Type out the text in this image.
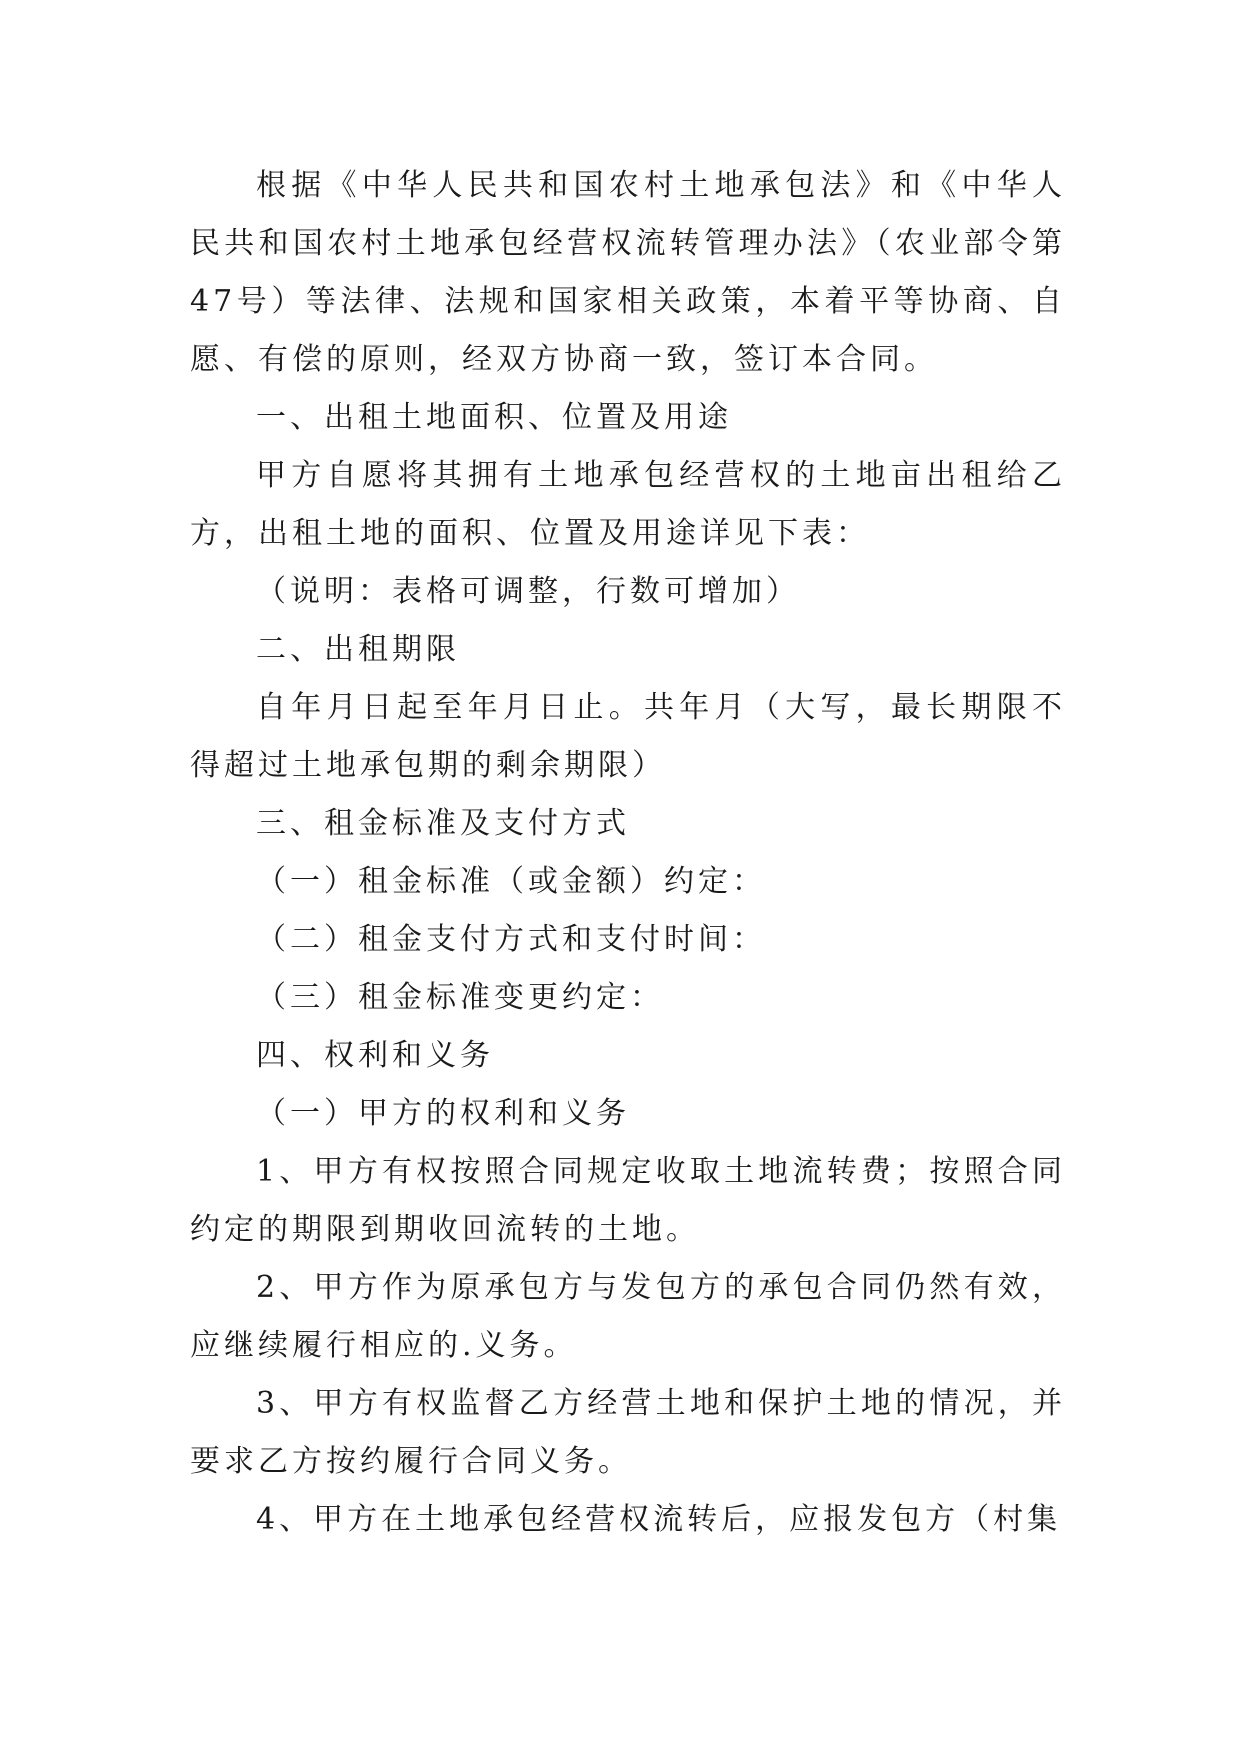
根据《中华人民共和国农村土地承包法》和《中华人民共和国农村土地承包经营权流转管理办法》（农业部令第47号）等法律、法规和国家相关政策，本着平等协商、自愿、有偿的原则，经双方协商一致，签订本合同。

一、出租土地面积、位置及用途

甲方自愿将其拥有土地承包经营权的土地亩出租给乙方，出租土地的面积、位置及用途详见下表：

（说明：表格可调整，行数可增加）

二、出租期限

自年月日起至年月日止。共年月（大写，最长期限不得超过土地承包期的剩余期限）

三、租金标准及支付方式

（一）租金标准（或金额）约定：

（二）租金支付方式和支付时间：

（三）租金标准变更约定：

四、权利和义务

（一）甲方的权利和义务

1、甲方有权按照合同规定收取土地流转费；按照合同约定的期限到期收回流转的土地。

2、甲方作为原承包方与发包方的承包合同仍然有效，应继续履行相应的.义务。

3、甲方有权监督乙方经营土地和保护土地的情况，并要求乙方按约履行合同义务。

4、甲方在土地承包经营权流转后，应报发包方（村集
